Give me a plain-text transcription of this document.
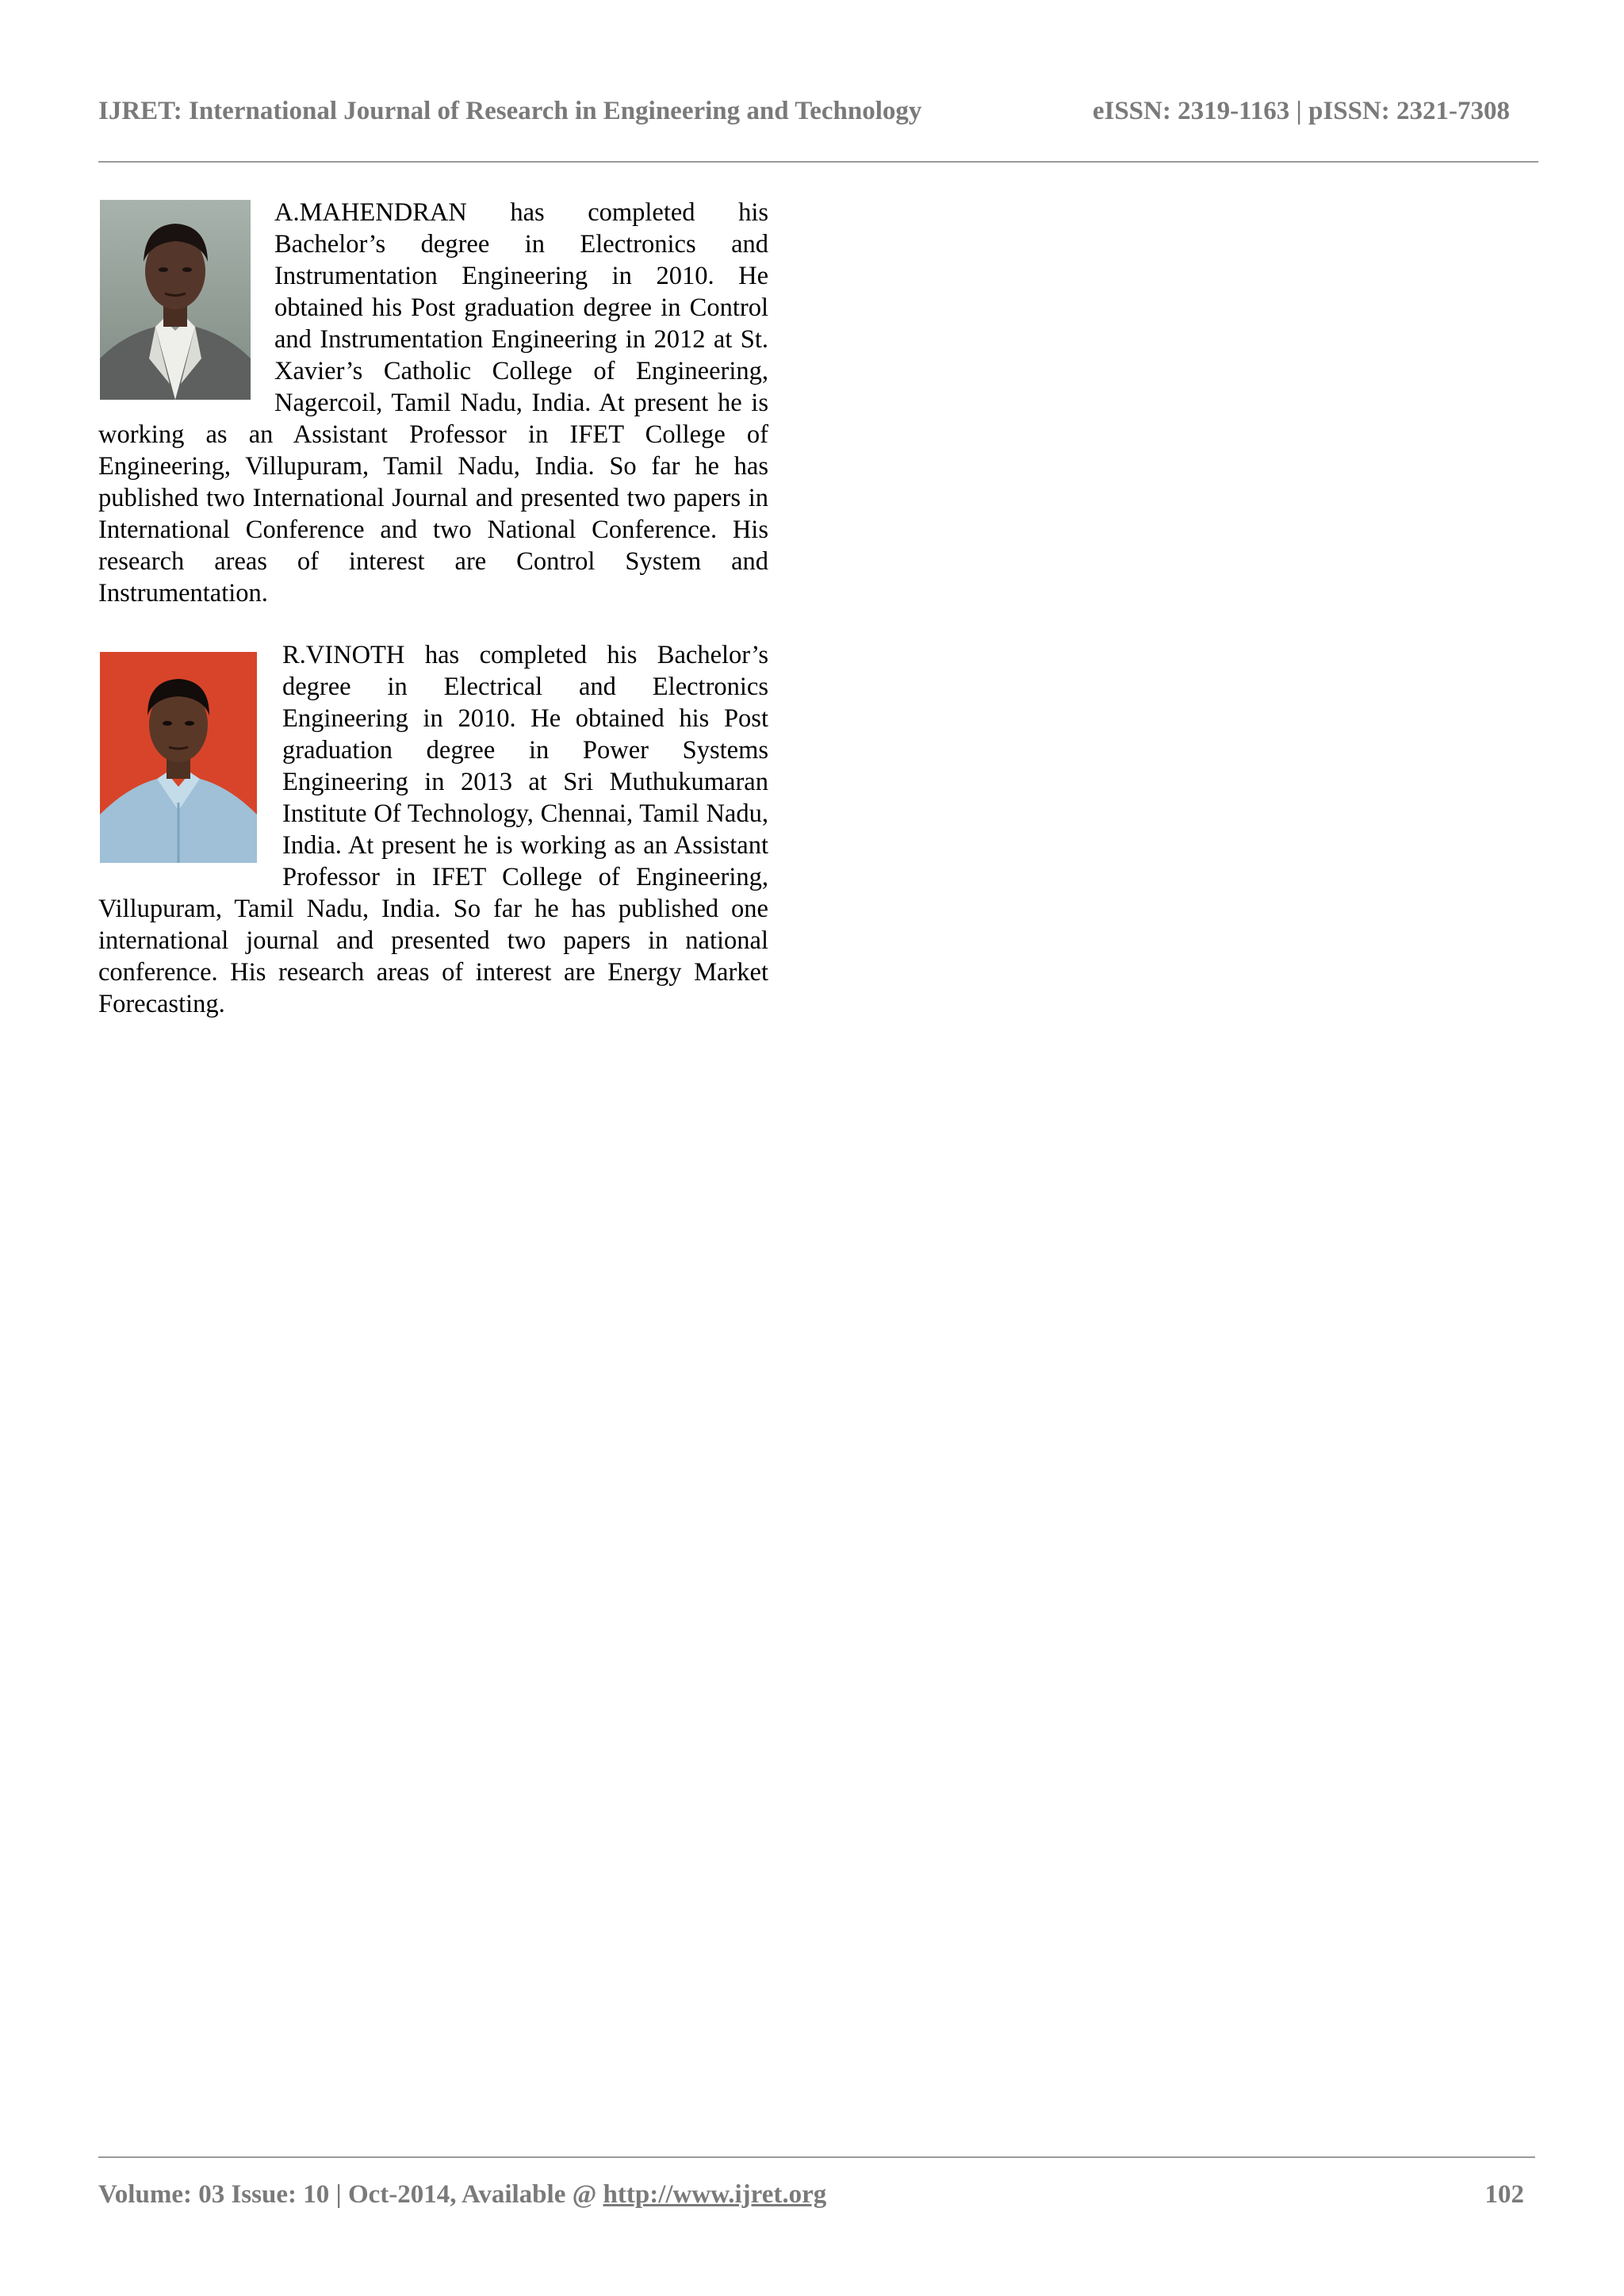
IJRET: International Journal of Research in Engineering and Technology	eISSN: 2319-1163 | pISSN: 2321-7308

A.MAHENDRAN has completed his Bachelor’s degree in Electronics and Instrumentation Engineering in 2010. He obtained his Post graduation degree in Control and Instrumentation Engineering in 2012 at St. Xavier’s Catholic College of Engineering, Nagercoil, Tamil Nadu, India. At present he is working as an Assistant Professor in IFET College of Engineering, Villupuram, Tamil Nadu, India. So far he has published two International Journal and presented two papers in International Conference and two National Conference. His research areas of interest are Control System and Instrumentation.

R.VINOTH has completed his Bachelor’s degree in Electrical and Electronics Engineering in 2010. He obtained his Post graduation degree in Power Systems Engineering in 2013 at Sri Muthukumaran Institute Of Technology, Chennai, Tamil Nadu, India. At present he is working as an Assistant Professor in IFET College of Engineering, Villupuram, Tamil Nadu, India. So far he has published one international journal and presented two papers in national conference. His research areas of interest are Energy Market Forecasting.

Volume: 03 Issue: 10 | Oct-2014, Available @ http://www.ijret.org	102
